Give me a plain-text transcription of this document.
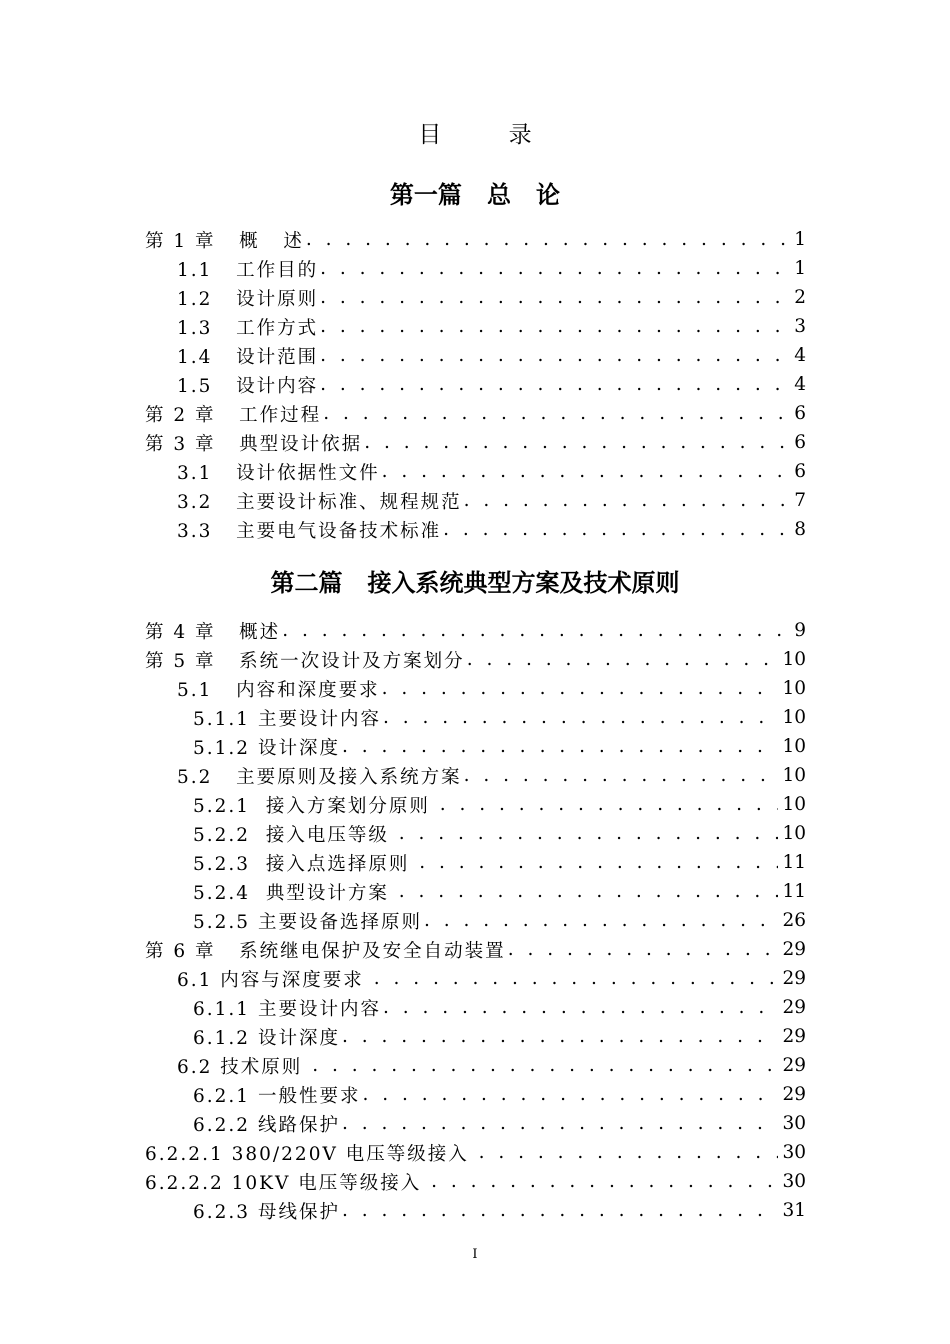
目 录
第一篇   总   论
第 1 章   概   述 . . .	1
1.1   工作目的 . . .	1
1.2   设计原则 . . .	2
1.3   工作方式 . . .	3
1.4   设计范围 . . .	4
1.5   设计内容 . . .	4
第 2 章   工作过程 . . .	6
第 3 章   典型设计依据 . . .	6
3.1   设计依据性文件 . . .	6
3.2   主要设计标准、规程规范 . . .	7
3.3   主要电气设备技术标准 . . .	8
第二篇   接入系统典型方案及技术原则
第 4 章   概述 . . .	9
第 5 章   系统一次设计及方案划分 . . .	10
5.1   内容和深度要求 . . .	10
5.1.1 主要设计内容 . . .	10
5.1.2 设计深度 . . .	10
5.2   主要原则及接入系统方案 . . .	10
5.2.1  接入方案划分原则 . . .	10
5.2.2  接入电压等级 . . .	10
5.2.3  接入点选择原则 . . .	11
5.2.4  典型设计方案 . . .	11
5.2.5 主要设备选择原则 . . .	26
第 6 章   系统继电保护及安全自动装置 . . .	29
6.1 内容与深度要求 . . .	29
6.1.1 主要设计内容 . . .	29
6.1.2 设计深度 . . .	29
6.2 技术原则 . . .	29
6.2.1 一般性要求 . . .	29
6.2.2 线路保护 . . .	30
6.2.2.1 380/220V 电压等级接入 . . .	30
6.2.2.2 10KV 电压等级接入 . . .	30
6.2.3 母线保护 . . .	31
I
